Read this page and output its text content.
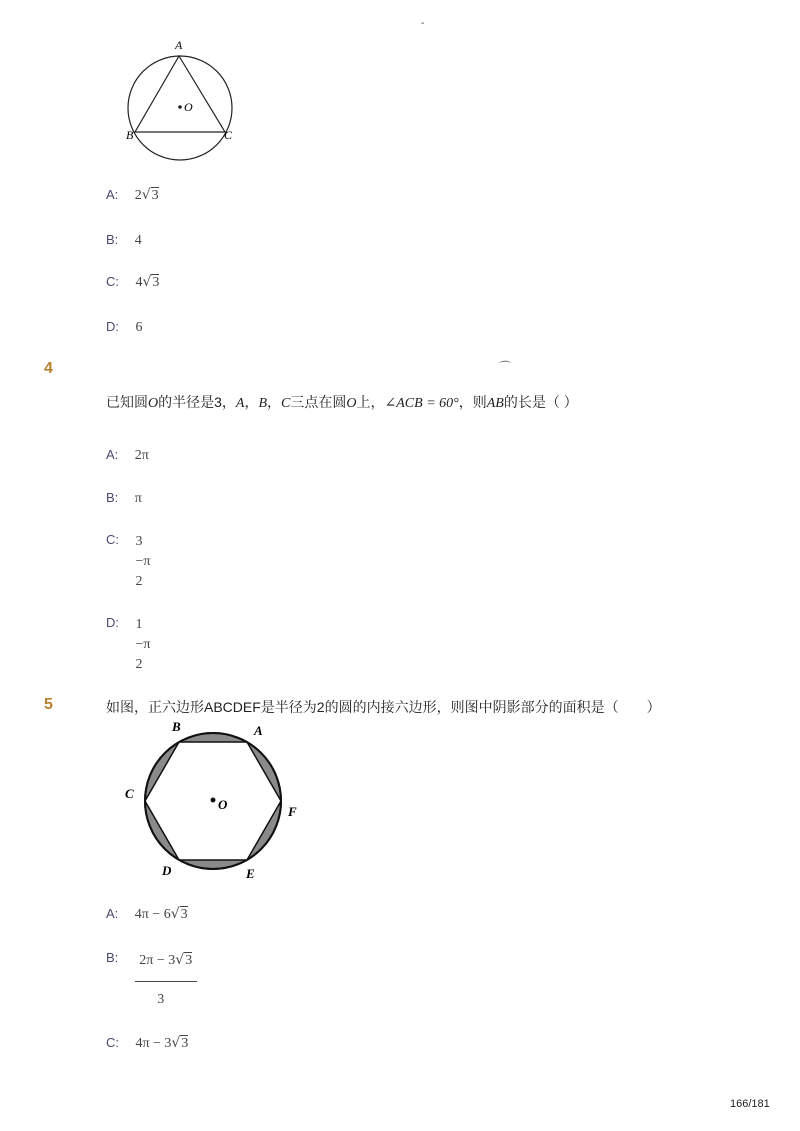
-
A
B	C
O
A: 2√3
B: 4
C: 4√3
D: 6
4	⌒
已知圆O的半径是3，A，B，C三点在圆O上，∠ACB = 60°，则AB的长是（ ）
A: 2π
B: π
$^{C:}$ 3
−π
2
$^{D:}$ 1
−π
2
5	如图，正六边形ABCDEF是半径为2的圆的内接六边形，则图中阴影部分的面积是（　　）
A
B
C
D	E
F
O
A: 4π − 6√3
$^{B:} \frac{2\pi - 3√3}{3}$
C: 4π − 3√3
166/181
